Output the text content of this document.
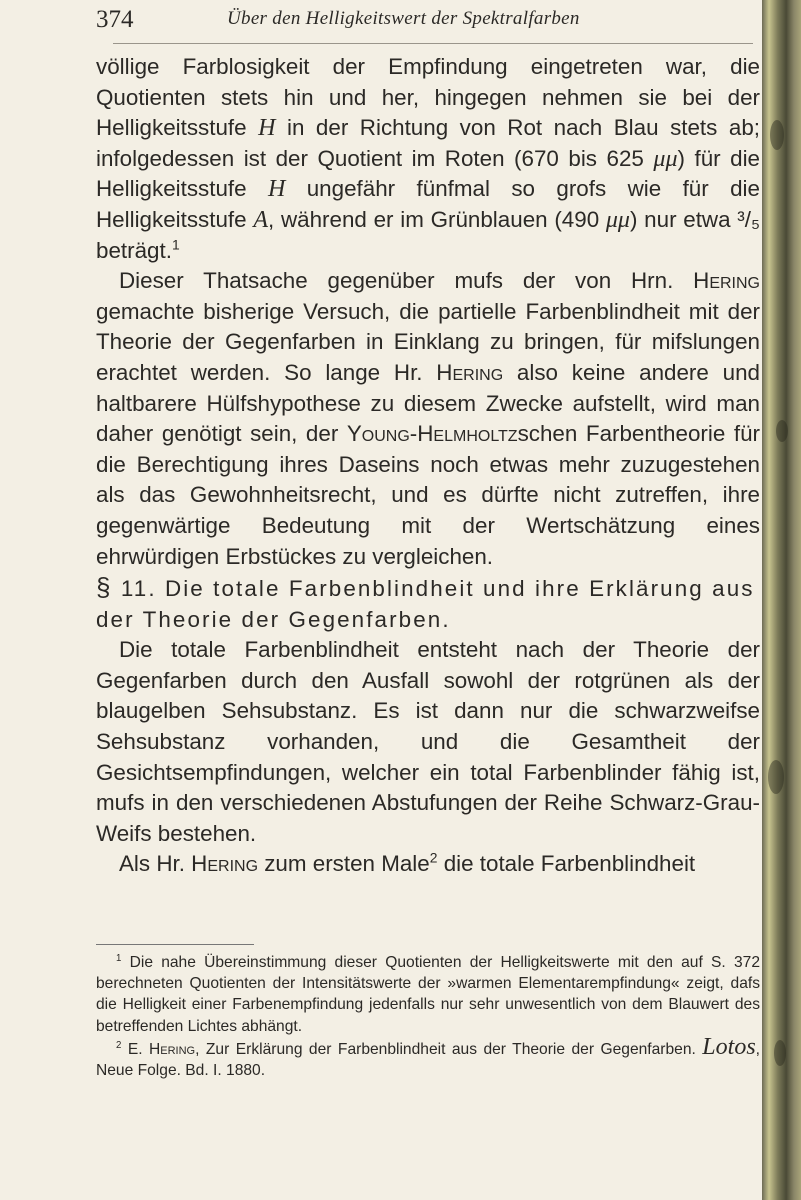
374	Über den Helligkeitswert der Spektralfarben

völlige Farblosigkeit der Empfindung eingetreten war, die Quotienten stets hin und her, hingegen nehmen sie bei der Helligkeitsstufe H in der Richtung von Rot nach Blau stets ab; infolgedessen ist der Quotient im Roten (670 bis 625 μμ) für die Helligkeitsstufe H ungefähr fünfmal so grofs wie für die Helligkeitsstufe A, während er im Grünblauen (490 μμ) nur etwa ³/₅ beträgt.$^1$

Dieser Thatsache gegenüber mufs der von Hrn. Hering gemachte bisherige Versuch, die partielle Farbenblindheit mit der Theorie der Gegenfarben in Einklang zu bringen, für mifslungen erachtet werden. So lange Hr. Hering also keine andere und haltbarere Hülfshypothese zu diesem Zwecke aufstellt, wird man daher genötigt sein, der Young-Helmholtzschen Farbentheorie für die Berechtigung ihres Daseins noch etwas mehr zuzugestehen als das Gewohnheitsrecht, und es dürfte nicht zutreffen, ihre gegenwärtige Bedeutung mit der Wertschätzung eines ehrwürdigen Erbstückes zu vergleichen.

§ 11. Die totale Farbenblindheit und ihre Erklärung aus der Theorie der Gegenfarben.

Die totale Farbenblindheit entsteht nach der Theorie der Gegenfarben durch den Ausfall sowohl der rotgrünen als der blaugelben Sehsubstanz. Es ist dann nur die schwarzweifse Sehsubstanz vorhanden, und die Gesamtheit der Gesichtsempfindungen, welcher ein total Farbenblinder fähig ist, mufs in den verschiedenen Abstufungen der Reihe Schwarz-Grau-Weifs bestehen.

Als Hr. Hering zum ersten Male$^2$ die totale Farbenblindheit

$^1$ Die nahe Übereinstimmung dieser Quotienten der Helligkeitswerte mit den auf S. 372 berechneten Quotienten der Intensitätswerte der »warmen Elementarempfindung« zeigt, dafs die Helligkeit einer Farbenempfindung jedenfalls nur sehr unwesentlich von dem Blauwert des betreffenden Lichtes abhängt.

$^2$ E. Hering, Zur Erklärung der Farbenblindheit aus der Theorie der Gegenfarben. Lotos, Neue Folge. Bd. I. 1880.
